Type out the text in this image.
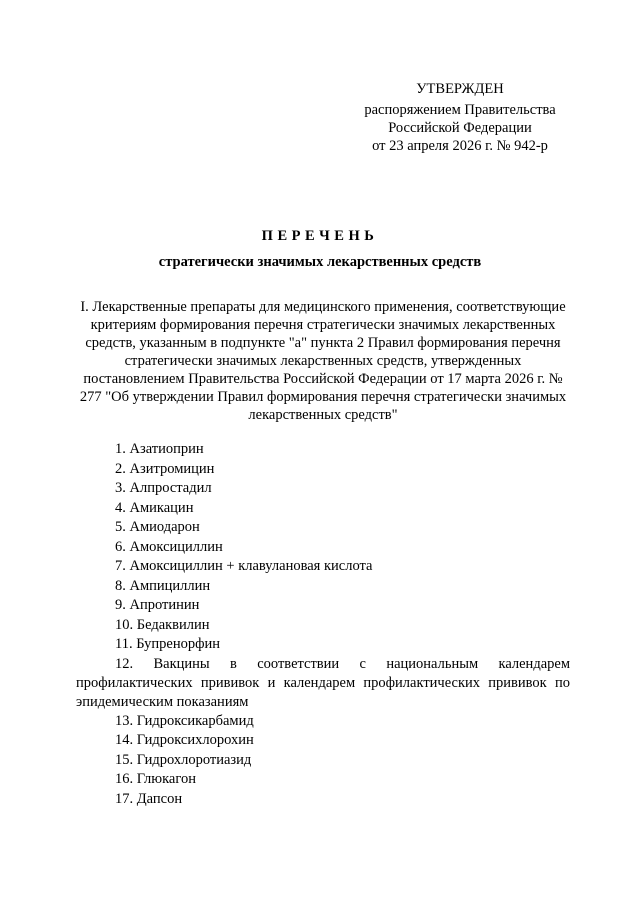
УТВЕРЖДЕН
распоряжением Правительства
Российской Федерации
от 23 апреля 2026 г. № 942-р
ПЕРЕЧЕНЬ
стратегически значимых лекарственных средств
I. Лекарственные препараты для медицинского применения, соответствующие критериям формирования перечня стратегически значимых лекарственных средств, указанным в подпункте "а" пункта 2 Правил формирования перечня стратегически значимых лекарственных средств, утвержденных постановлением Правительства Российской Федерации от 17 марта 2026 г. № 277 "Об утверждении Правил формирования перечня стратегически значимых лекарственных средств"
1. Азатиоприн
2. Азитромицин
3. Алпростадил
4. Амикацин
5. Амиодарон
6. Амоксициллин
7. Амоксициллин + клавулановая кислота
8. Ампициллин
9. Апротинин
10. Бедаквилин
11. Бупренорфин
12. Вакцины в соответствии с национальным календарем профилактических прививок и календарем профилактических прививок по эпидемическим показаниям
13. Гидроксикарбамид
14. Гидроксихлорохин
15. Гидрохлоротиазид
16. Глюкагон
17. Дапсон
